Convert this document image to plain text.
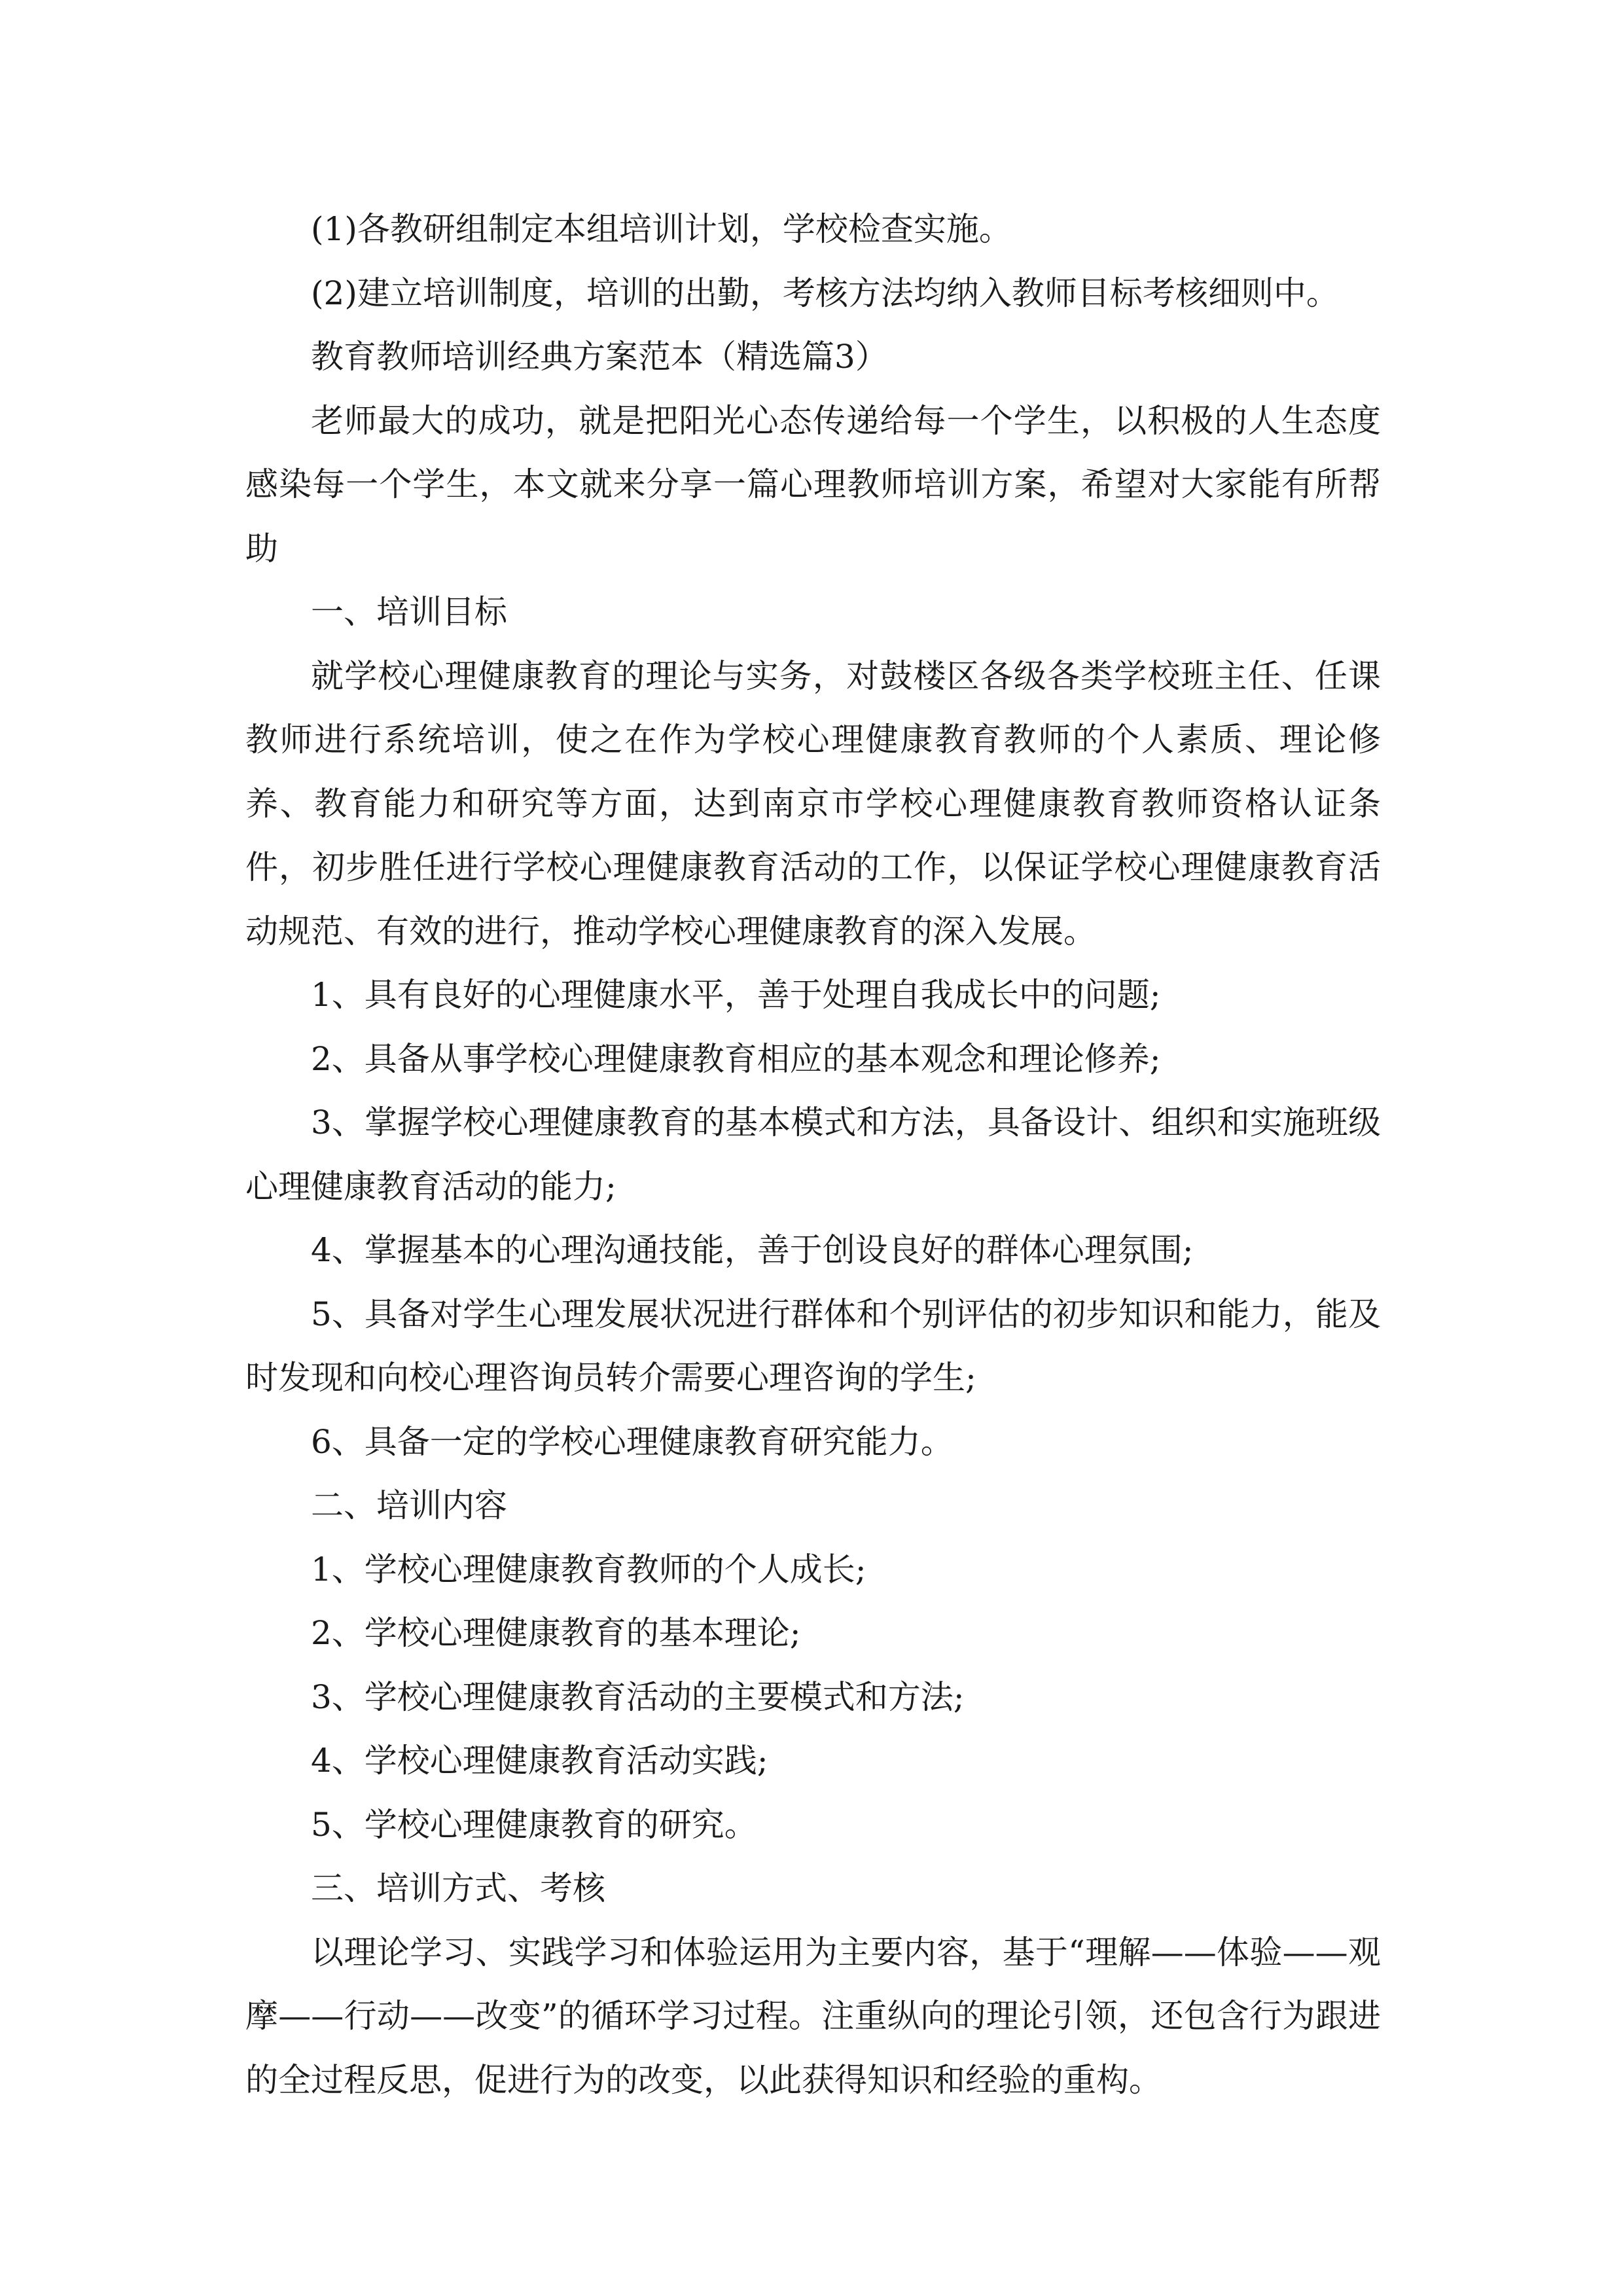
(1)各教研组制定本组培训计划，学校检查实施。

(2)建立培训制度，培训的出勤，考核方法均纳入教师目标考核细则中。

教育教师培训经典方案范本（精选篇3）

老师最大的成功，就是把阳光心态传递给每一个学生，以积极的人生态度感染每一个学生，本文就来分享一篇心理教师培训方案，希望对大家能有所帮助

一、培训目标

就学校心理健康教育的理论与实务，对鼓楼区各级各类学校班主任、任课教师进行系统培训，使之在作为学校心理健康教育教师的个人素质、理论修养、教育能力和研究等方面，达到南京市学校心理健康教育教师资格认证条件，初步胜任进行学校心理健康教育活动的工作，以保证学校心理健康教育活动规范、有效的进行，推动学校心理健康教育的深入发展。

1、具有良好的心理健康水平，善于处理自我成长中的问题;

2、具备从事学校心理健康教育相应的基本观念和理论修养;

3、掌握学校心理健康教育的基本模式和方法，具备设计、组织和实施班级心理健康教育活动的能力;

4、掌握基本的心理沟通技能，善于创设良好的群体心理氛围;

5、具备对学生心理发展状况进行群体和个别评估的初步知识和能力，能及时发现和向校心理咨询员转介需要心理咨询的学生;

6、具备一定的学校心理健康教育研究能力。

二、培训内容

1、学校心理健康教育教师的个人成长;

2、学校心理健康教育的基本理论;

3、学校心理健康教育活动的主要模式和方法;

4、学校心理健康教育活动实践;

5、学校心理健康教育的研究。

三、培训方式、考核

以理论学习、实践学习和体验运用为主要内容，基于“理解——体验——观摩——行动——改变”的循环学习过程。注重纵向的理论引领，还包含行为跟进的全过程反思，促进行为的改变，以此获得知识和经验的重构。
